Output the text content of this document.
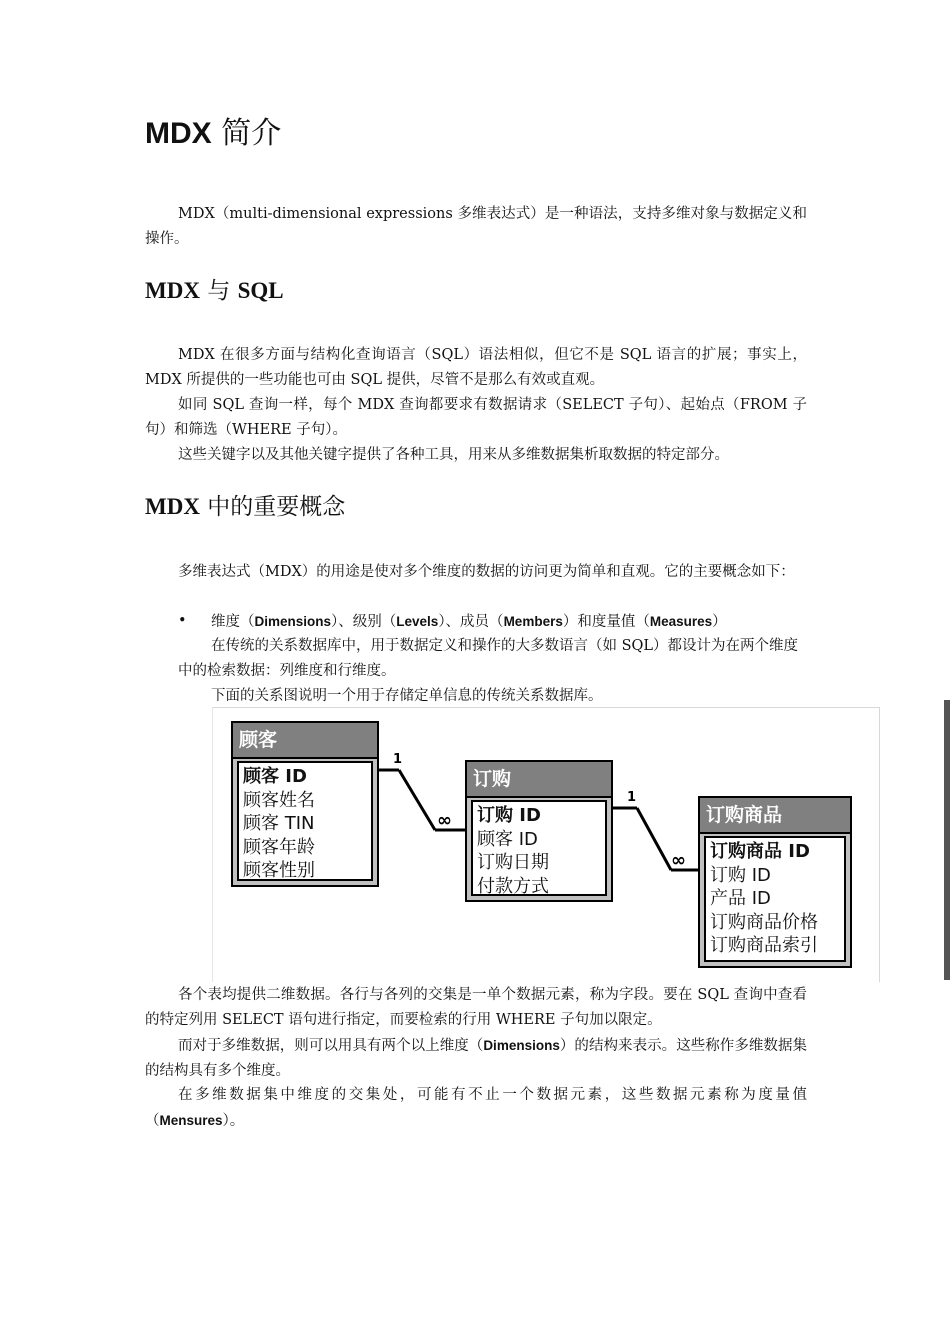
MDX 简介

MDX（multi-dimensional expressions 多维表达式）是一种语法，支持多维对象与数据定义和操作。

MDX 与 SQL

MDX 在很多方面与结构化查询语言（SQL）语法相似，但它不是 SQL 语言的扩展；事实上，MDX 所提供的一些功能也可由 SQL 提供，尽管不是那么有效或直观。

如同 SQL 查询一样，每个 MDX 查询都要求有数据请求（SELECT 子句）、起始点（FROM 子句）和筛选（WHERE 子句）。

这些关键字以及其他关键字提供了各种工具，用来从多维数据集析取数据的特定部分。

MDX 中的重要概念

多维表达式（MDX）的用途是使对多个维度的数据的访问更为简单和直观。它的主要概念如下：

• 维度（Dimensions）、级别（Levels）、成员（Members）和度量值（Measures）

在传统的关系数据库中，用于数据定义和操作的大多数语言（如 SQL）都设计为在两个维度中的检索数据：列维度和行维度。

下面的关系图说明一个用于存储定单信息的传统关系数据库。

1
∞
1
∞
顾客
顾客 ID
顾客姓名
顾客 TIN
顾客年龄
顾客性别
订购
订购 ID
顾客 ID
订购日期
付款方式
订购商品
订购商品 ID
订购 ID
产品 ID
订购商品价格
订购商品索引

各个表均提供二维数据。各行与各列的交集是一单个数据元素，称为字段。要在 SQL 查询中查看的特定列用 SELECT 语句进行指定，而要检索的行用 WHERE 子句加以限定。

而对于多维数据，则可以用具有两个以上维度（Dimensions）的结构来表示。这些称作多维数据集的结构具有多个维度。

在多维数据集中维度的交集处，可能有不止一个数据元素，这些数据元素称为度量值（Mensures）。
